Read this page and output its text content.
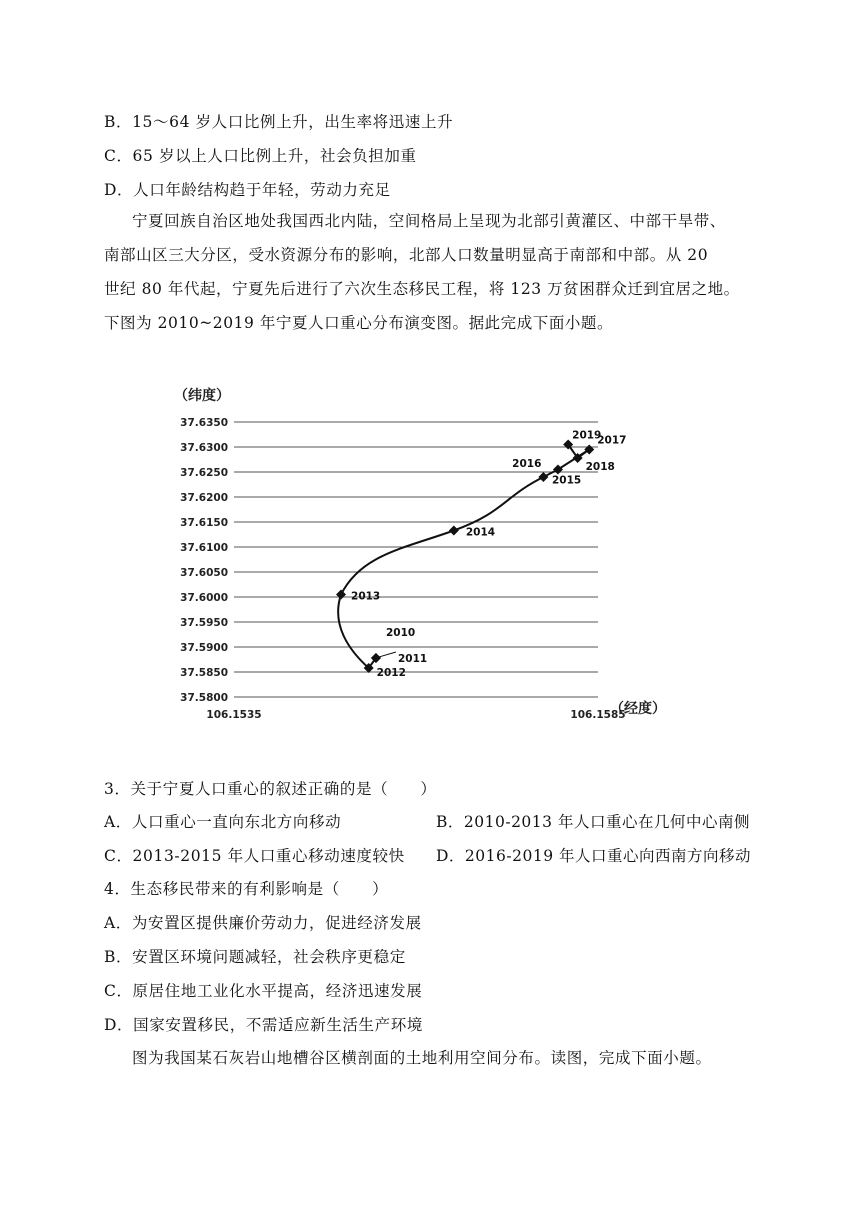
B．15～64 岁人口比例上升，出生率将迅速上升
C．65 岁以上人口比例上升，社会负担加重
D．人口年龄结构趋于年轻，劳动力充足
宁夏回族自治区地处我国西北内陆，空间格局上呈现为北部引黄灌区、中部干旱带、
南部山区三大分区，受水资源分布的影响，北部人口数量明显高于南部和中部。从 20
世纪 80 年代起，宁夏先后进行了六次生态移民工程，将 123 万贫困群众迁到宜居之地。
下图为 2010~2019 年宁夏人口重心分布演变图。据此完成下面小题。
（纬度）
37.6350
37.6300
37.6250
37.6200
37.6150
37.6100
37.6050
37.6000
37.5950
37.5900
37.5850
37.5800
2010
2011
2012
2013
2014
2015
2016
2017
2018
2019
106.1535	106.1585
（经度）
3．关于宁夏人口重心的叙述正确的是（　　）
A．人口重心一直向东北方向移动	B．2010-2013 年人口重心在几何中心南侧
C．2013-2015 年人口重心移动速度较快 D．2016-2019 年人口重心向西南方向移动
4．生态移民带来的有利影响是（　　）
A．为安置区提供廉价劳动力，促进经济发展
B．安置区环境问题减轻，社会秩序更稳定
C．原居住地工业化水平提高，经济迅速发展
D．国家安置移民，不需适应新生活生产环境
图为我国某石灰岩山地槽谷区横剖面的土地利用空间分布。读图，完成下面小题。
